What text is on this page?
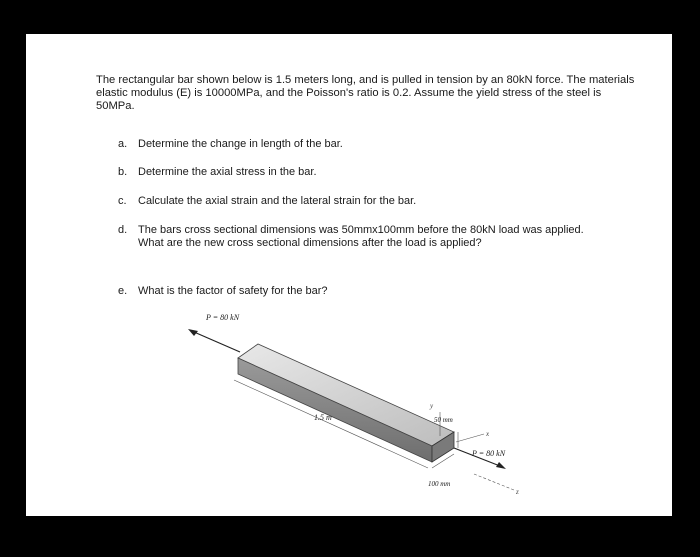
The rectangular bar shown below is 1.5 meters long, and is pulled in tension by an 80kN force. The materials elastic modulus (E) is 10000MPa, and the Poisson's ratio is 0.2. Assume the yield stress of the steel is 50MPa.
a. Determine the change in length of the bar.
b. Determine the axial stress in the bar.
c. Calculate the axial strain and the lateral strain for the bar.
d. The bars cross sectional dimensions was 50mmx100mm before the 80kN load was applied. What are the new cross sectional dimensions after the load is applied?
e. What is the factor of safety for the bar?
P = 80 kN
P = 80 kN
1.5 m
y
x
z
50 mm
100 mm
